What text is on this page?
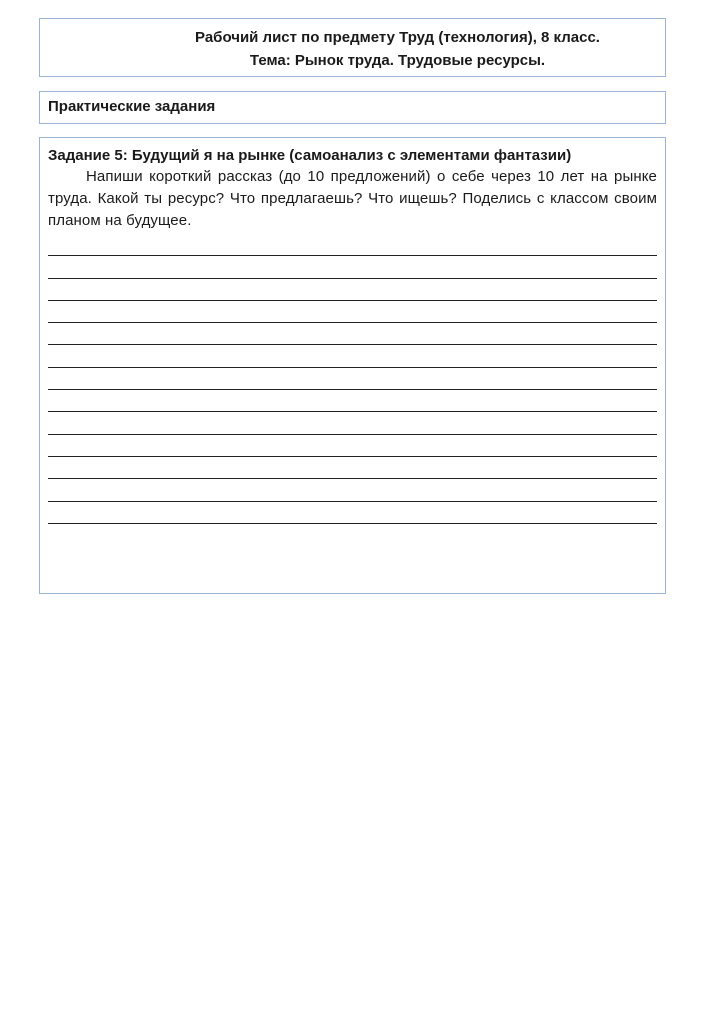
Рабочий лист по предмету Труд (технология), 8 класс.
Тема: Рынок труда. Трудовые ресурсы.
Практические задания
Задание 5: Будущий я на рынке (самоанализ с элементами фантазии)
Напиши короткий рассказ (до 10 предложений) о себе через 10 лет на рынке труда. Какой ты ресурс? Что предлагаешь? Что ищешь? Поделись с классом своим планом на будущее.
